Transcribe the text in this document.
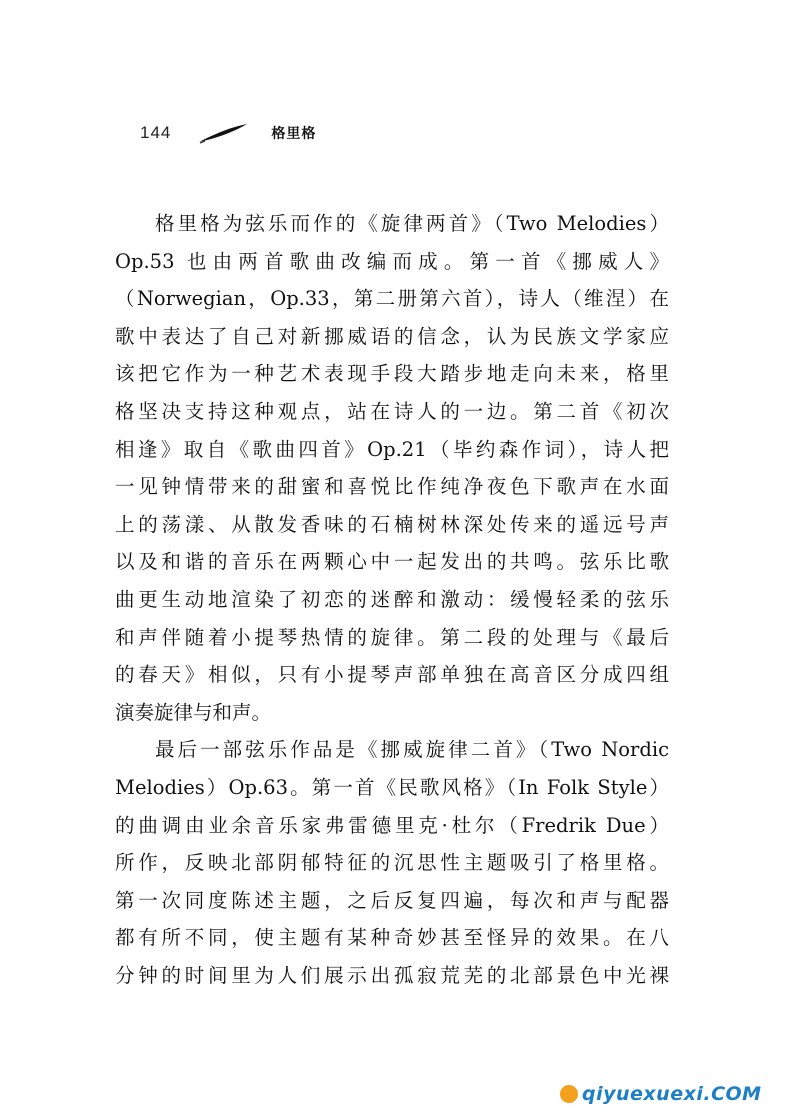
144	格里格
格里格为弦乐而作的《旋律两首》（Two Melodies）
Op.53 也由两首歌曲改编而成。第一首《挪威人》
（Norwegian，Op.33，第二册第六首），诗人（维涅）在
歌中表达了自己对新挪威语的信念，认为民族文学家应
该把它作为一种艺术表现手段大踏步地走向未来，格里
格坚决支持这种观点，站在诗人的一边。第二首《初次
相逢》取自《歌曲四首》Op.21（毕约森作词），诗人把
一见钟情带来的甜蜜和喜悦比作纯净夜色下歌声在水面
上的荡漾、从散发香味的石楠树林深处传来的遥远号声
以及和谐的音乐在两颗心中一起发出的共鸣。弦乐比歌
曲更生动地渲染了初恋的迷醉和激动：缓慢轻柔的弦乐
和声伴随着小提琴热情的旋律。第二段的处理与《最后
的春天》相似，只有小提琴声部单独在高音区分成四组
演奏旋律与和声。
最后一部弦乐作品是《挪威旋律二首》（Two Nordic
Melodies）Op.63。第一首《民歌风格》（In Folk Style）
的曲调由业余音乐家弗雷德里克·杜尔（Fredrik Due）
所作，反映北部阴郁特征的沉思性主题吸引了格里格。
第一次同度陈述主题，之后反复四遍，每次和声与配器
都有所不同，使主题有某种奇妙甚至怪异的效果。在八
分钟的时间里为人们展示出孤寂荒芜的北部景色中光裸
qiyuexuexi.COM
